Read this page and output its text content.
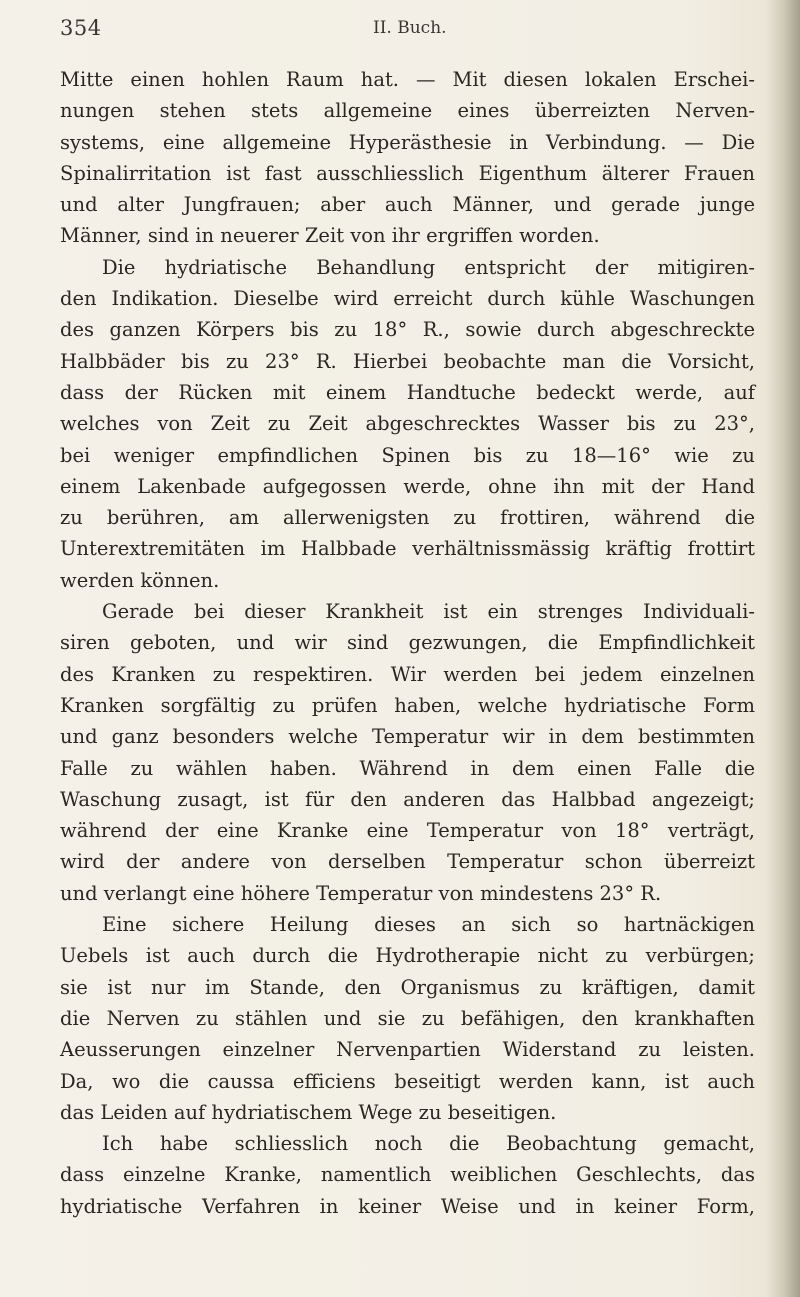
354	II. Buch.
Mitte einen hohlen Raum hat. — Mit diesen lokalen Erschei-
nungen stehen stets allgemeine eines überreizten Nerven-
systems, eine allgemeine Hyperästhesie in Verbindung. — Die
Spinalirritation ist fast ausschliesslich Eigenthum älterer Frauen
und alter Jungfrauen; aber auch Männer, und gerade junge
Männer, sind in neuerer Zeit von ihr ergriffen worden.
Die hydriatische Behandlung entspricht der mitigiren-
den Indikation. Dieselbe wird erreicht durch kühle Waschungen
des ganzen Körpers bis zu 18° R., sowie durch abgeschreckte
Halbbäder bis zu 23° R. Hierbei beobachte man die Vorsicht,
dass der Rücken mit einem Handtuche bedeckt werde, auf
welches von Zeit zu Zeit abgeschrecktes Wasser bis zu 23°,
bei weniger empfindlichen Spinen bis zu 18—16° wie zu
einem Lakenbade aufgegossen werde, ohne ihn mit der Hand
zu berühren, am allerwenigsten zu frottiren, während die
Unterextremitäten im Halbbade verhältnissmässig kräftig frottirt
werden können.
Gerade bei dieser Krankheit ist ein strenges Individuali-
siren geboten, und wir sind gezwungen, die Empfindlichkeit
des Kranken zu respektiren. Wir werden bei jedem einzelnen
Kranken sorgfältig zu prüfen haben, welche hydriatische Form
und ganz besonders welche Temperatur wir in dem bestimmten
Falle zu wählen haben. Während in dem einen Falle die
Waschung zusagt, ist für den anderen das Halbbad angezeigt;
während der eine Kranke eine Temperatur von 18° verträgt,
wird der andere von derselben Temperatur schon überreizt
und verlangt eine höhere Temperatur von mindestens 23° R.
Eine sichere Heilung dieses an sich so hartnäckigen
Uebels ist auch durch die Hydrotherapie nicht zu verbürgen;
sie ist nur im Stande, den Organismus zu kräftigen, damit
die Nerven zu stählen und sie zu befähigen, den krankhaften
Aeusserungen einzelner Nervenpartien Widerstand zu leisten.
Da, wo die caussa efficiens beseitigt werden kann, ist auch
das Leiden auf hydriatischem Wege zu beseitigen.
Ich habe schliesslich noch die Beobachtung gemacht,
dass einzelne Kranke, namentlich weiblichen Geschlechts, das
hydriatische Verfahren in keiner Weise und in keiner Form,
